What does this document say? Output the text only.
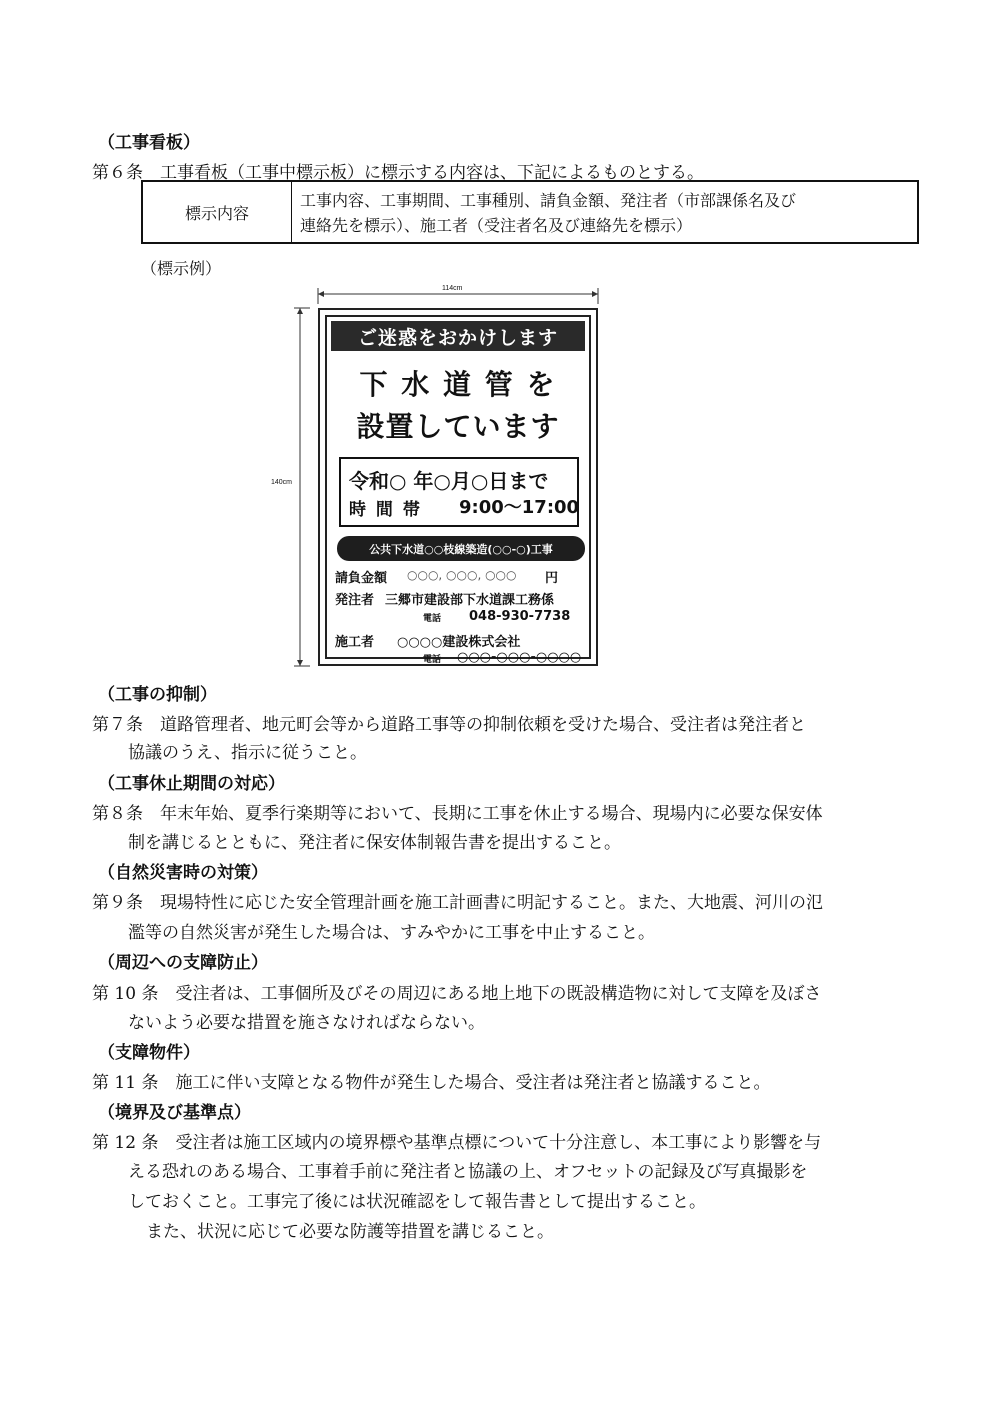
（工事看板）
第６条　工事看板（工事中標示板）に標示する内容は、下記によるものとする。
標示内容
工事内容、工事期間、工事種別、請負金額、発注者（市部課係名及び
連絡先を標示）、施工者（受注者名及び連絡先を標示）
（標示例）
114cm
140cm
ご迷惑をおかけします
下 水 道 管 を
設置しています
令和○ 年○月○日まで
時 間 帯 9:00～17:00
公共下水道○○枝線築造(○○-○)工事
請負金額 ○○○, ○○○, ○○○ 円
発注者 三郷市建設部下水道課工務係
電話 048-930-7738
施工者 ○○○○建設株式会社
電話 ○○○-○○○-○○○○
（工事の抑制）
第７条　道路管理者、地元町会等から道路工事等の抑制依頼を受けた場合、受注者は発注者と
協議のうえ、指示に従うこと。
（工事休止期間の対応）
第８条　年末年始、夏季行楽期等において、長期に工事を休止する場合、現場内に必要な保安体
制を講じるとともに、発注者に保安体制報告書を提出すること。
（自然災害時の対策）
第９条　現場特性に応じた安全管理計画を施工計画書に明記すること。また、大地震、河川の氾
濫等の自然災害が発生した場合は、すみやかに工事を中止すること。
（周辺への支障防止）
第 10 条　受注者は、工事個所及びその周辺にある地上地下の既設構造物に対して支障を及ぼさ
ないよう必要な措置を施さなければならない。
（支障物件）
第 11 条　施工に伴い支障となる物件が発生した場合、受注者は発注者と協議すること。
（境界及び基準点）
第 12 条　受注者は施工区域内の境界標や基準点標について十分注意し、本工事により影響を与
える恐れのある場合、工事着手前に発注者と協議の上、オフセットの記録及び写真撮影を
しておくこと。工事完了後には状況確認をして報告書として提出すること。
また、状況に応じて必要な防護等措置を講じること。
